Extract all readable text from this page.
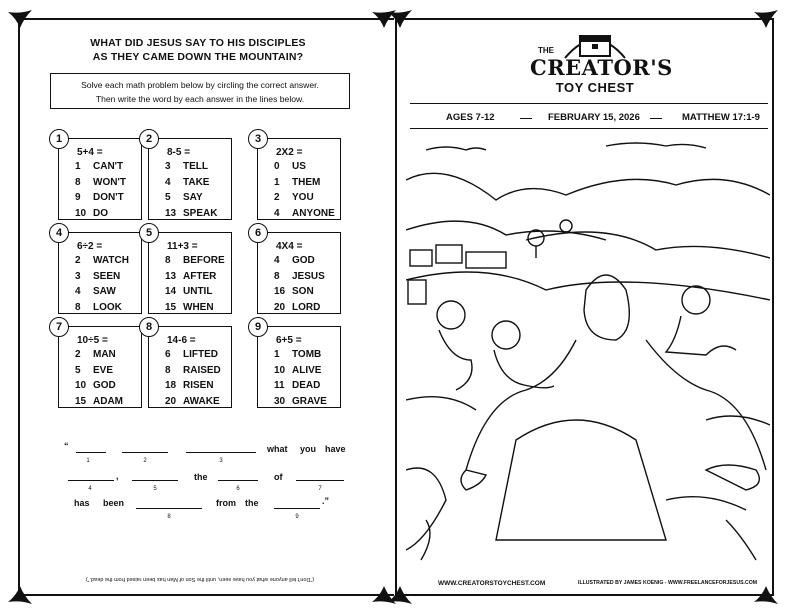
WHAT DID JESUS SAY TO HIS DISCIPLES
AS THEY CAME DOWN THE MOUNTAIN?
Solve each math problem below by circling the correct answer.
Then write the word by each answer in the lines below.
1
5+4 =
1 CAN'T
8 WON'T
9 DON'T
10 DO
2
8-5 =
3 TELL
4 TAKE
5 SAY
13 SPEAK
3
2X2 =
0 US
1 THEM
2 YOU
4 ANYONE
4
6÷2 =
2 WATCH
3 SEEN
4 SAW
8 LOOK
5
11+3 =
8 BEFORE
13 AFTER
14 UNTIL
15 WHEN
6
4X4 =
4 GOD
8 JESUS
16 SON
20 LORD
7
10÷5 =
2 MAN
5 EVE
10 GOD
15 ADAM
8
14-6 =
6 LIFTED
8 RAISED
18 RISEN
20 AWAKE
9
6+5 =
1 TOMB
10 ALIVE
11 DEAD
30 GRAVE
“	what you have
1	2	3
,	the	of
4	5	6	7
has been	from the	.”
8	9
(“Don't tell anyone what you have seen, until the Son of Man has been raised from the dead.”)
THE
CREATOR'S
TOY CHEST
AGES 7-12	FEBRUARY 15, 2026	MATTHEW 17:1-9
WWW.CREATORSTOYCHEST.COM	ILLUSTRATED BY JAMES KOENIG - WWW.FREELANCEFORJESUS.COM
